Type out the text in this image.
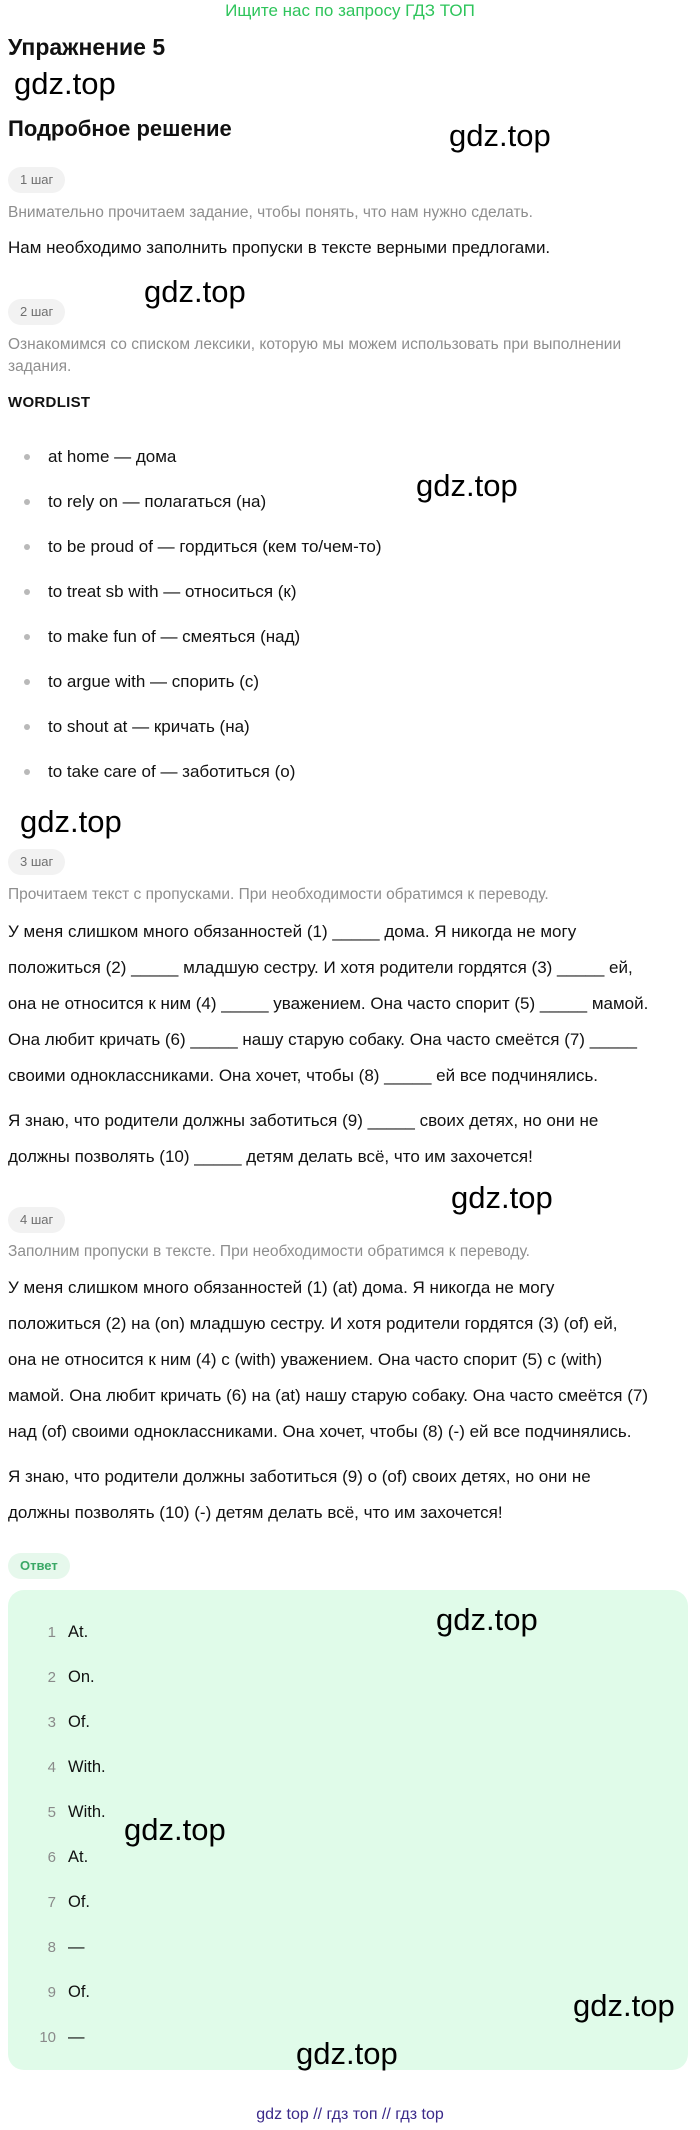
Ищите нас по запросу ГДЗ ТОП
Упражнение 5
gdz.top
Подробное решение	gdz.top
1 шаг
Внимательно прочитаем задание, чтобы понять, что нам нужно сделать.
Нам необходимо заполнить пропуски в тексте верными предлогами.
gdz.top
2 шаг
Ознакомимся со списком лексики, которую мы можем использовать при выполнении задания.
WORDLIST
at home — дома
to rely on — полагаться (на)
to be proud of — гордиться (кем то/чем-то)
to treat sb with — относиться (к)
to make fun of — смеяться (над)
to argue with — спорить (с)
to shout at — кричать (на)
to take care of — заботиться (о)
gdz.top
gdz.top
3 шаг
Прочитаем текст с пропусками. При необходимости обратимся к переводу.
У меня слишком много обязанностей (1) _____ дома. Я никогда не могу
положиться (2) _____ младшую сестру. И хотя родители гордятся (3) _____ ей,
она не относится к ним (4) _____ уважением. Она часто спорит (5) _____ мамой.
Она любит кричать (6) _____ нашу старую собаку. Она часто смеётся (7) _____
своими одноклассниками. Она хочет, чтобы (8) _____ ей все подчинялись.
Я знаю, что родители должны заботиться (9) _____ своих детях, но они не
должны позволять (10) _____ детям делать всё, что им захочется!
gdz.top
4 шаг
Заполним пропуски в тексте. При необходимости обратимся к переводу.
У меня слишком много обязанностей (1) (at) дома. Я никогда не могу
положиться (2) на (on) младшую сестру. И хотя родители гордятся (3) (of) ей,
она не относится к ним (4) с (with) уважением. Она часто спорит (5) с (with)
мамой. Она любит кричать (6) на (at) нашу старую собаку. Она часто смеётся (7)
над (of) своими одноклассниками. Она хочет, чтобы (8) (-) ей все подчинялись.
Я знаю, что родители должны заботиться (9) о (of) своих детях, но они не
должны позволять (10) (-) детям делать всё, что им захочется!
Ответ
1 At.
2 On.
3 Of.
4 With.
5 With.
6 At.
7 Of.
8 —
9 Of.
10 —
gdz.top
gdz.top
gdz.top
gdz.top
gdz top // гдз топ // гдз top
